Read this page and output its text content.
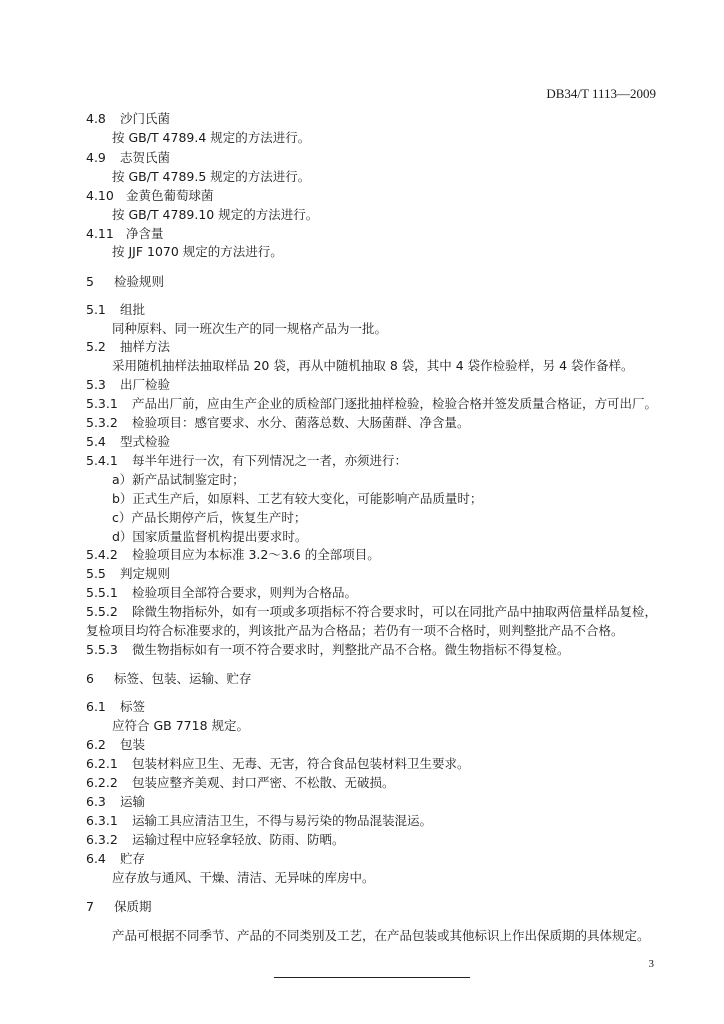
DB34/T 1113—2009
4.8 沙门氏菌
按 GB/T 4789.4 规定的方法进行。
4.9 志贺氏菌
按 GB/T 4789.5 规定的方法进行。
4.10 金黄色葡萄球菌
按 GB/T 4789.10 规定的方法进行。
4.11 净含量
按 JJF 1070 规定的方法进行。
5 检验规则
5.1 组批
同种原料、同一班次生产的同一规格产品为一批。
5.2 抽样方法
采用随机抽样法抽取样品 20 袋，再从中随机抽取 8 袋，其中 4 袋作检验样，另 4 袋作备样。
5.3 出厂检验
5.3.1 产品出厂前，应由生产企业的质检部门逐批抽样检验，检验合格并签发质量合格证，方可出厂。
5.3.2 检验项目：感官要求、水分、菌落总数、大肠菌群、净含量。
5.4 型式检验
5.4.1 每半年进行一次，有下列情况之一者，亦须进行：
a）新产品试制鉴定时；
b）正式生产后，如原料、工艺有较大变化，可能影响产品质量时；
c）产品长期停产后，恢复生产时；
d）国家质量监督机构提出要求时。
5.4.2 检验项目应为本标准 3.2～3.6 的全部项目。
5.5 判定规则
5.5.1 检验项目全部符合要求，则判为合格品。
5.5.2 除微生物指标外，如有一项或多项指标不符合要求时，可以在同批产品中抽取两倍量样品复检，
复检项目均符合标准要求的，判该批产品为合格品；若仍有一项不合格时，则判整批产品不合格。
5.5.3 微生物指标如有一项不符合要求时，判整批产品不合格。微生物指标不得复检。
6 标签、包装、运输、贮存
6.1 标签
应符合 GB 7718 规定。
6.2 包装
6.2.1 包装材料应卫生、无毒、无害，符合食品包装材料卫生要求。
6.2.2 包装应整齐美观、封口严密、不松散、无破损。
6.3 运输
6.3.1 运输工具应清洁卫生，不得与易污染的物品混装混运。
6.3.2 运输过程中应轻拿轻放、防雨、防晒。
6.4 贮存
应存放与通风、干燥、清洁、无异味的库房中。
7 保质期
产品可根据不同季节、产品的不同类别及工艺，在产品包装或其他标识上作出保质期的具体规定。
3
